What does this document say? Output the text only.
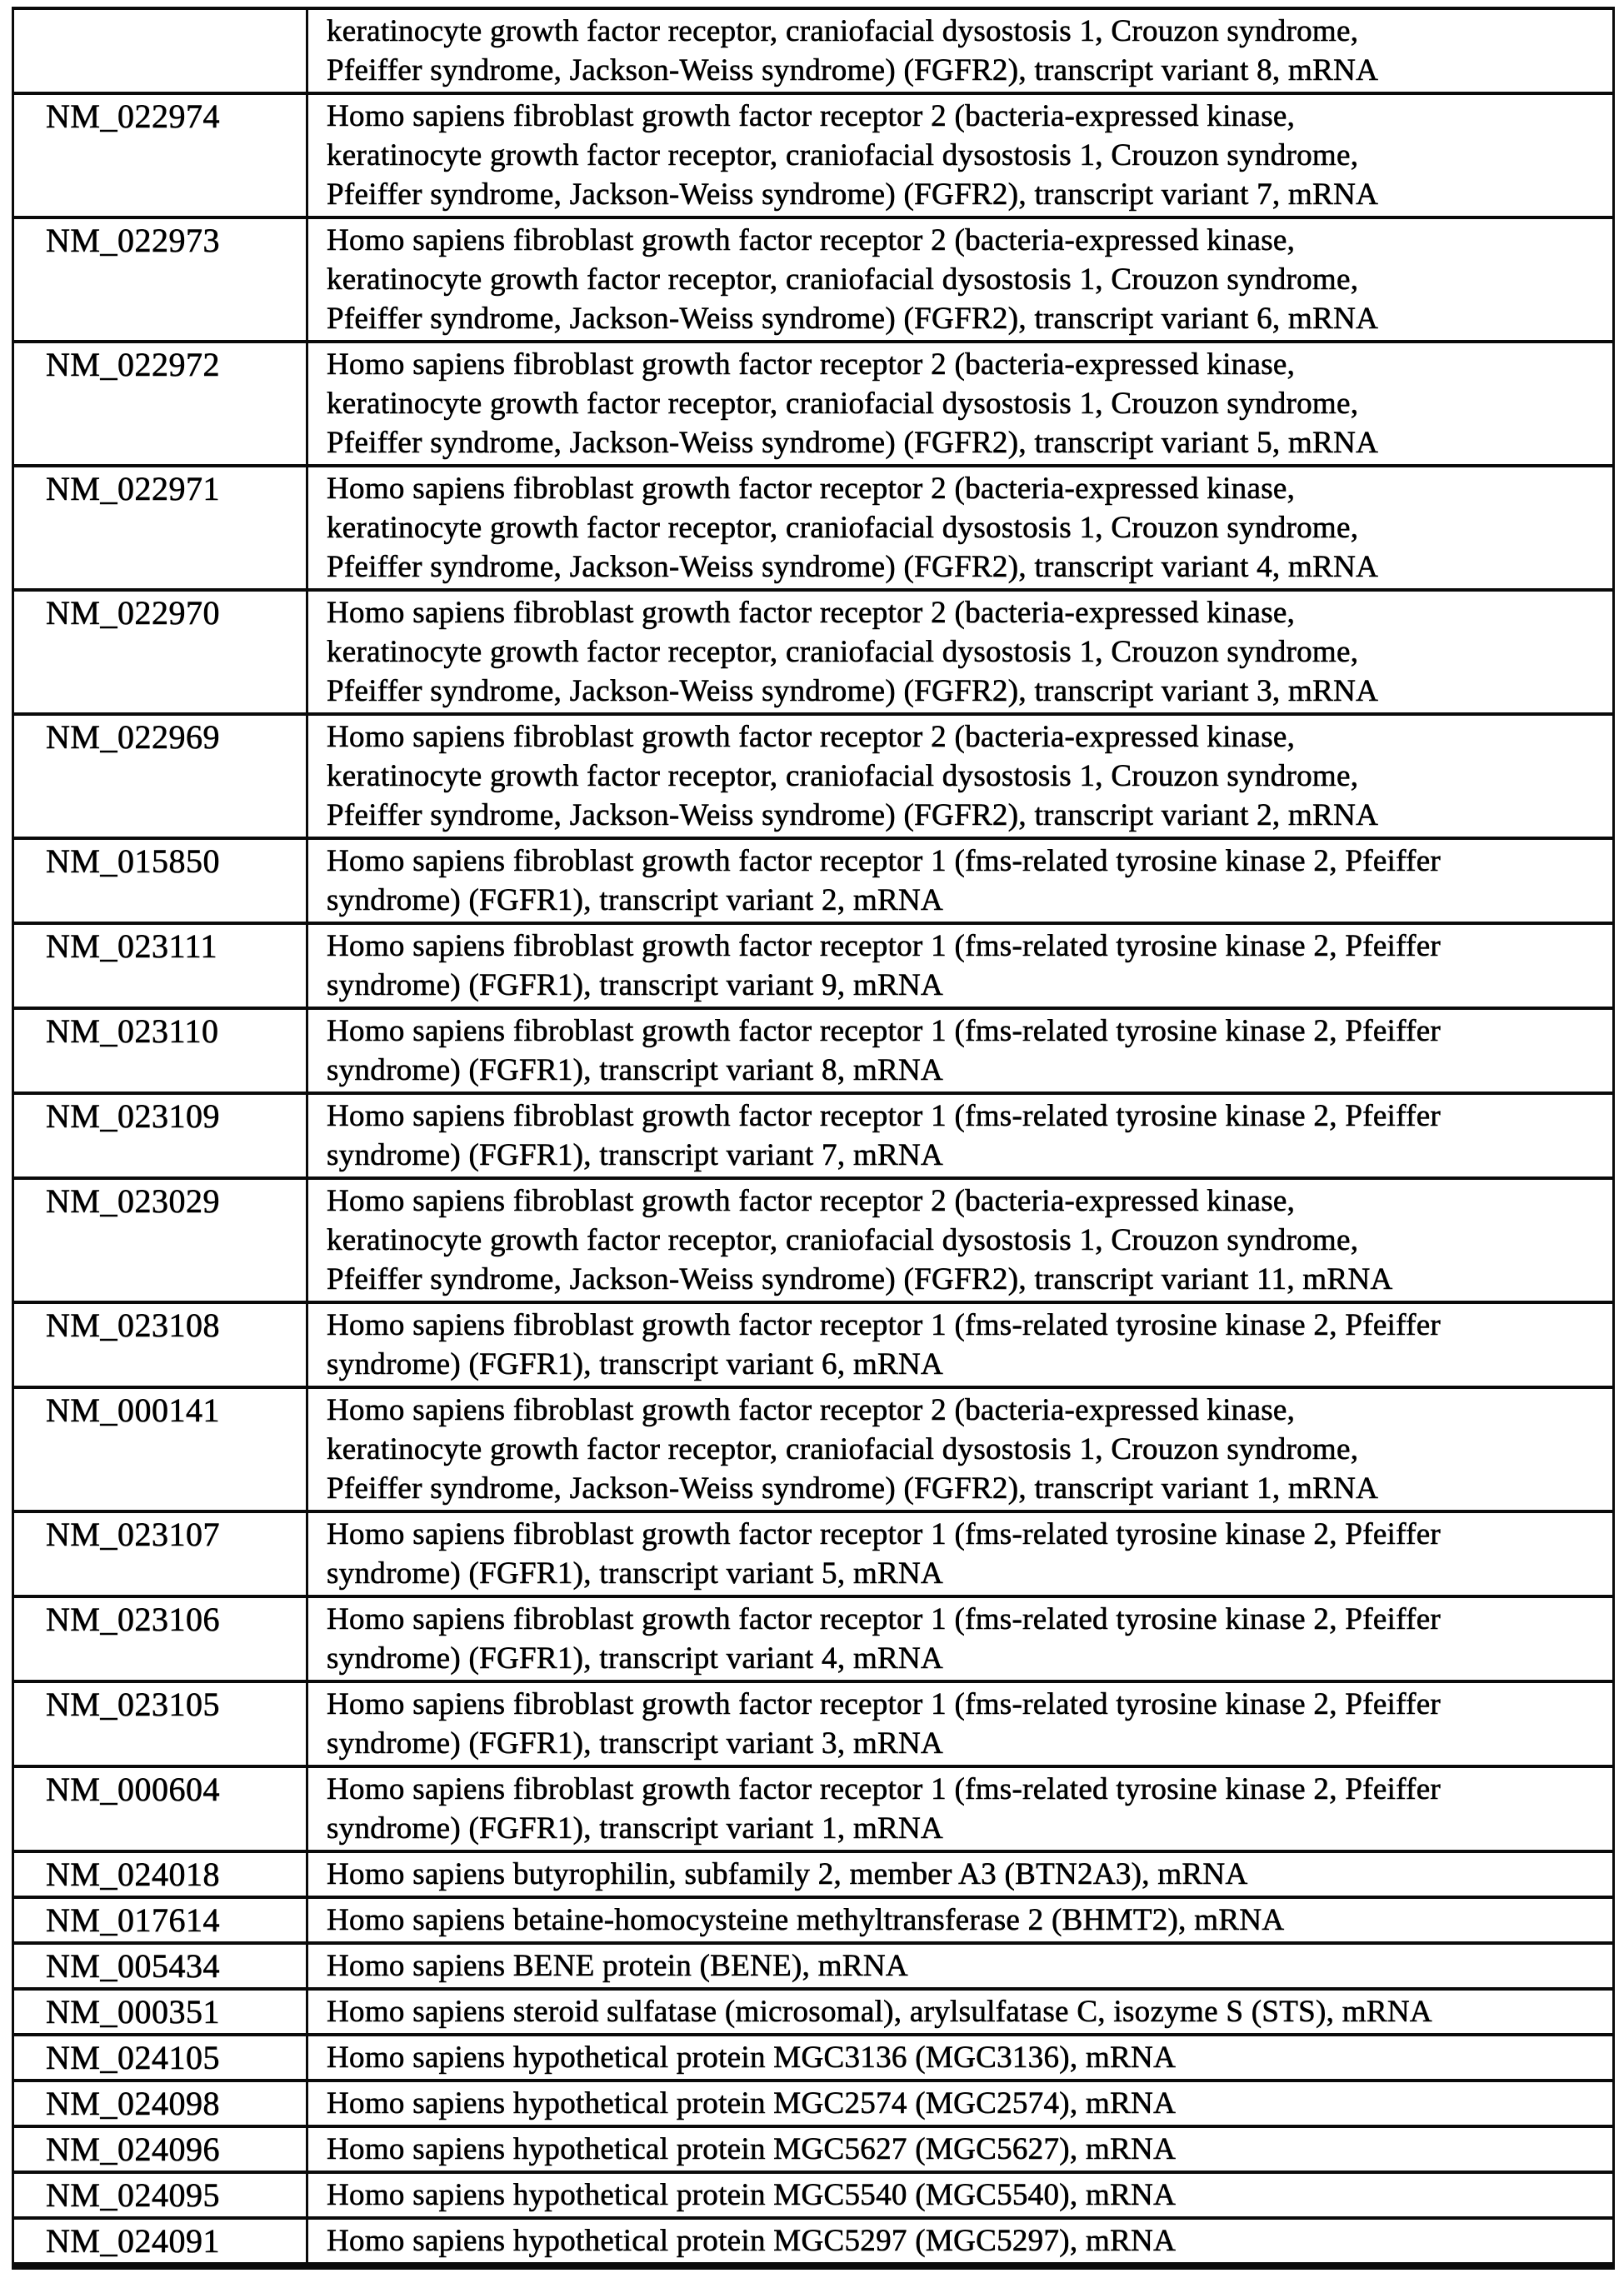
	keratinocyte growth factor receptor, craniofacial dysostosis 1, Crouzon syndrome,
Pfeiffer syndrome, Jackson-Weiss syndrome) (FGFR2), transcript variant 8, mRNA

NM_022974	Homo sapiens fibroblast growth factor receptor 2 (bacteria-expressed kinase,
keratinocyte growth factor receptor, craniofacial dysostosis 1, Crouzon syndrome,
Pfeiffer syndrome, Jackson-Weiss syndrome) (FGFR2), transcript variant 7, mRNA

NM_022973	Homo sapiens fibroblast growth factor receptor 2 (bacteria-expressed kinase,
keratinocyte growth factor receptor, craniofacial dysostosis 1, Crouzon syndrome,
Pfeiffer syndrome, Jackson-Weiss syndrome) (FGFR2), transcript variant 6, mRNA

NM_022972	Homo sapiens fibroblast growth factor receptor 2 (bacteria-expressed kinase,
keratinocyte growth factor receptor, craniofacial dysostosis 1, Crouzon syndrome,
Pfeiffer syndrome, Jackson-Weiss syndrome) (FGFR2), transcript variant 5, mRNA

NM_022971	Homo sapiens fibroblast growth factor receptor 2 (bacteria-expressed kinase,
keratinocyte growth factor receptor, craniofacial dysostosis 1, Crouzon syndrome,
Pfeiffer syndrome, Jackson-Weiss syndrome) (FGFR2), transcript variant 4, mRNA

NM_022970	Homo sapiens fibroblast growth factor receptor 2 (bacteria-expressed kinase,
keratinocyte growth factor receptor, craniofacial dysostosis 1, Crouzon syndrome,
Pfeiffer syndrome, Jackson-Weiss syndrome) (FGFR2), transcript variant 3, mRNA

NM_022969	Homo sapiens fibroblast growth factor receptor 2 (bacteria-expressed kinase,
keratinocyte growth factor receptor, craniofacial dysostosis 1, Crouzon syndrome,
Pfeiffer syndrome, Jackson-Weiss syndrome) (FGFR2), transcript variant 2, mRNA

NM_015850	Homo sapiens fibroblast growth factor receptor 1 (fms-related tyrosine kinase 2, Pfeiffer
syndrome) (FGFR1), transcript variant 2, mRNA

NM_023111	Homo sapiens fibroblast growth factor receptor 1 (fms-related tyrosine kinase 2, Pfeiffer
syndrome) (FGFR1), transcript variant 9, mRNA

NM_023110	Homo sapiens fibroblast growth factor receptor 1 (fms-related tyrosine kinase 2, Pfeiffer
syndrome) (FGFR1), transcript variant 8, mRNA

NM_023109	Homo sapiens fibroblast growth factor receptor 1 (fms-related tyrosine kinase 2, Pfeiffer
syndrome) (FGFR1), transcript variant 7, mRNA

NM_023029	Homo sapiens fibroblast growth factor receptor 2 (bacteria-expressed kinase,
keratinocyte growth factor receptor, craniofacial dysostosis 1, Crouzon syndrome,
Pfeiffer syndrome, Jackson-Weiss syndrome) (FGFR2), transcript variant 11, mRNA

NM_023108	Homo sapiens fibroblast growth factor receptor 1 (fms-related tyrosine kinase 2, Pfeiffer
syndrome) (FGFR1), transcript variant 6, mRNA

NM_000141	Homo sapiens fibroblast growth factor receptor 2 (bacteria-expressed kinase,
keratinocyte growth factor receptor, craniofacial dysostosis 1, Crouzon syndrome,
Pfeiffer syndrome, Jackson-Weiss syndrome) (FGFR2), transcript variant 1, mRNA

NM_023107	Homo sapiens fibroblast growth factor receptor 1 (fms-related tyrosine kinase 2, Pfeiffer
syndrome) (FGFR1), transcript variant 5, mRNA

NM_023106	Homo sapiens fibroblast growth factor receptor 1 (fms-related tyrosine kinase 2, Pfeiffer
syndrome) (FGFR1), transcript variant 4, mRNA

NM_023105	Homo sapiens fibroblast growth factor receptor 1 (fms-related tyrosine kinase 2, Pfeiffer
syndrome) (FGFR1), transcript variant 3, mRNA

NM_000604	Homo sapiens fibroblast growth factor receptor 1 (fms-related tyrosine kinase 2, Pfeiffer
syndrome) (FGFR1), transcript variant 1, mRNA

NM_024018	Homo sapiens butyrophilin, subfamily 2, member A3 (BTN2A3), mRNA

NM_017614	Homo sapiens betaine-homocysteine methyltransferase 2 (BHMT2), mRNA

NM_005434	Homo sapiens BENE protein (BENE), mRNA

NM_000351	Homo sapiens steroid sulfatase (microsomal), arylsulfatase C, isozyme S (STS), mRNA

NM_024105	Homo sapiens hypothetical protein MGC3136 (MGC3136), mRNA

NM_024098	Homo sapiens hypothetical protein MGC2574 (MGC2574), mRNA

NM_024096	Homo sapiens hypothetical protein MGC5627 (MGC5627), mRNA

NM_024095	Homo sapiens hypothetical protein MGC5540 (MGC5540), mRNA

NM_024091	Homo sapiens hypothetical protein MGC5297 (MGC5297), mRNA
